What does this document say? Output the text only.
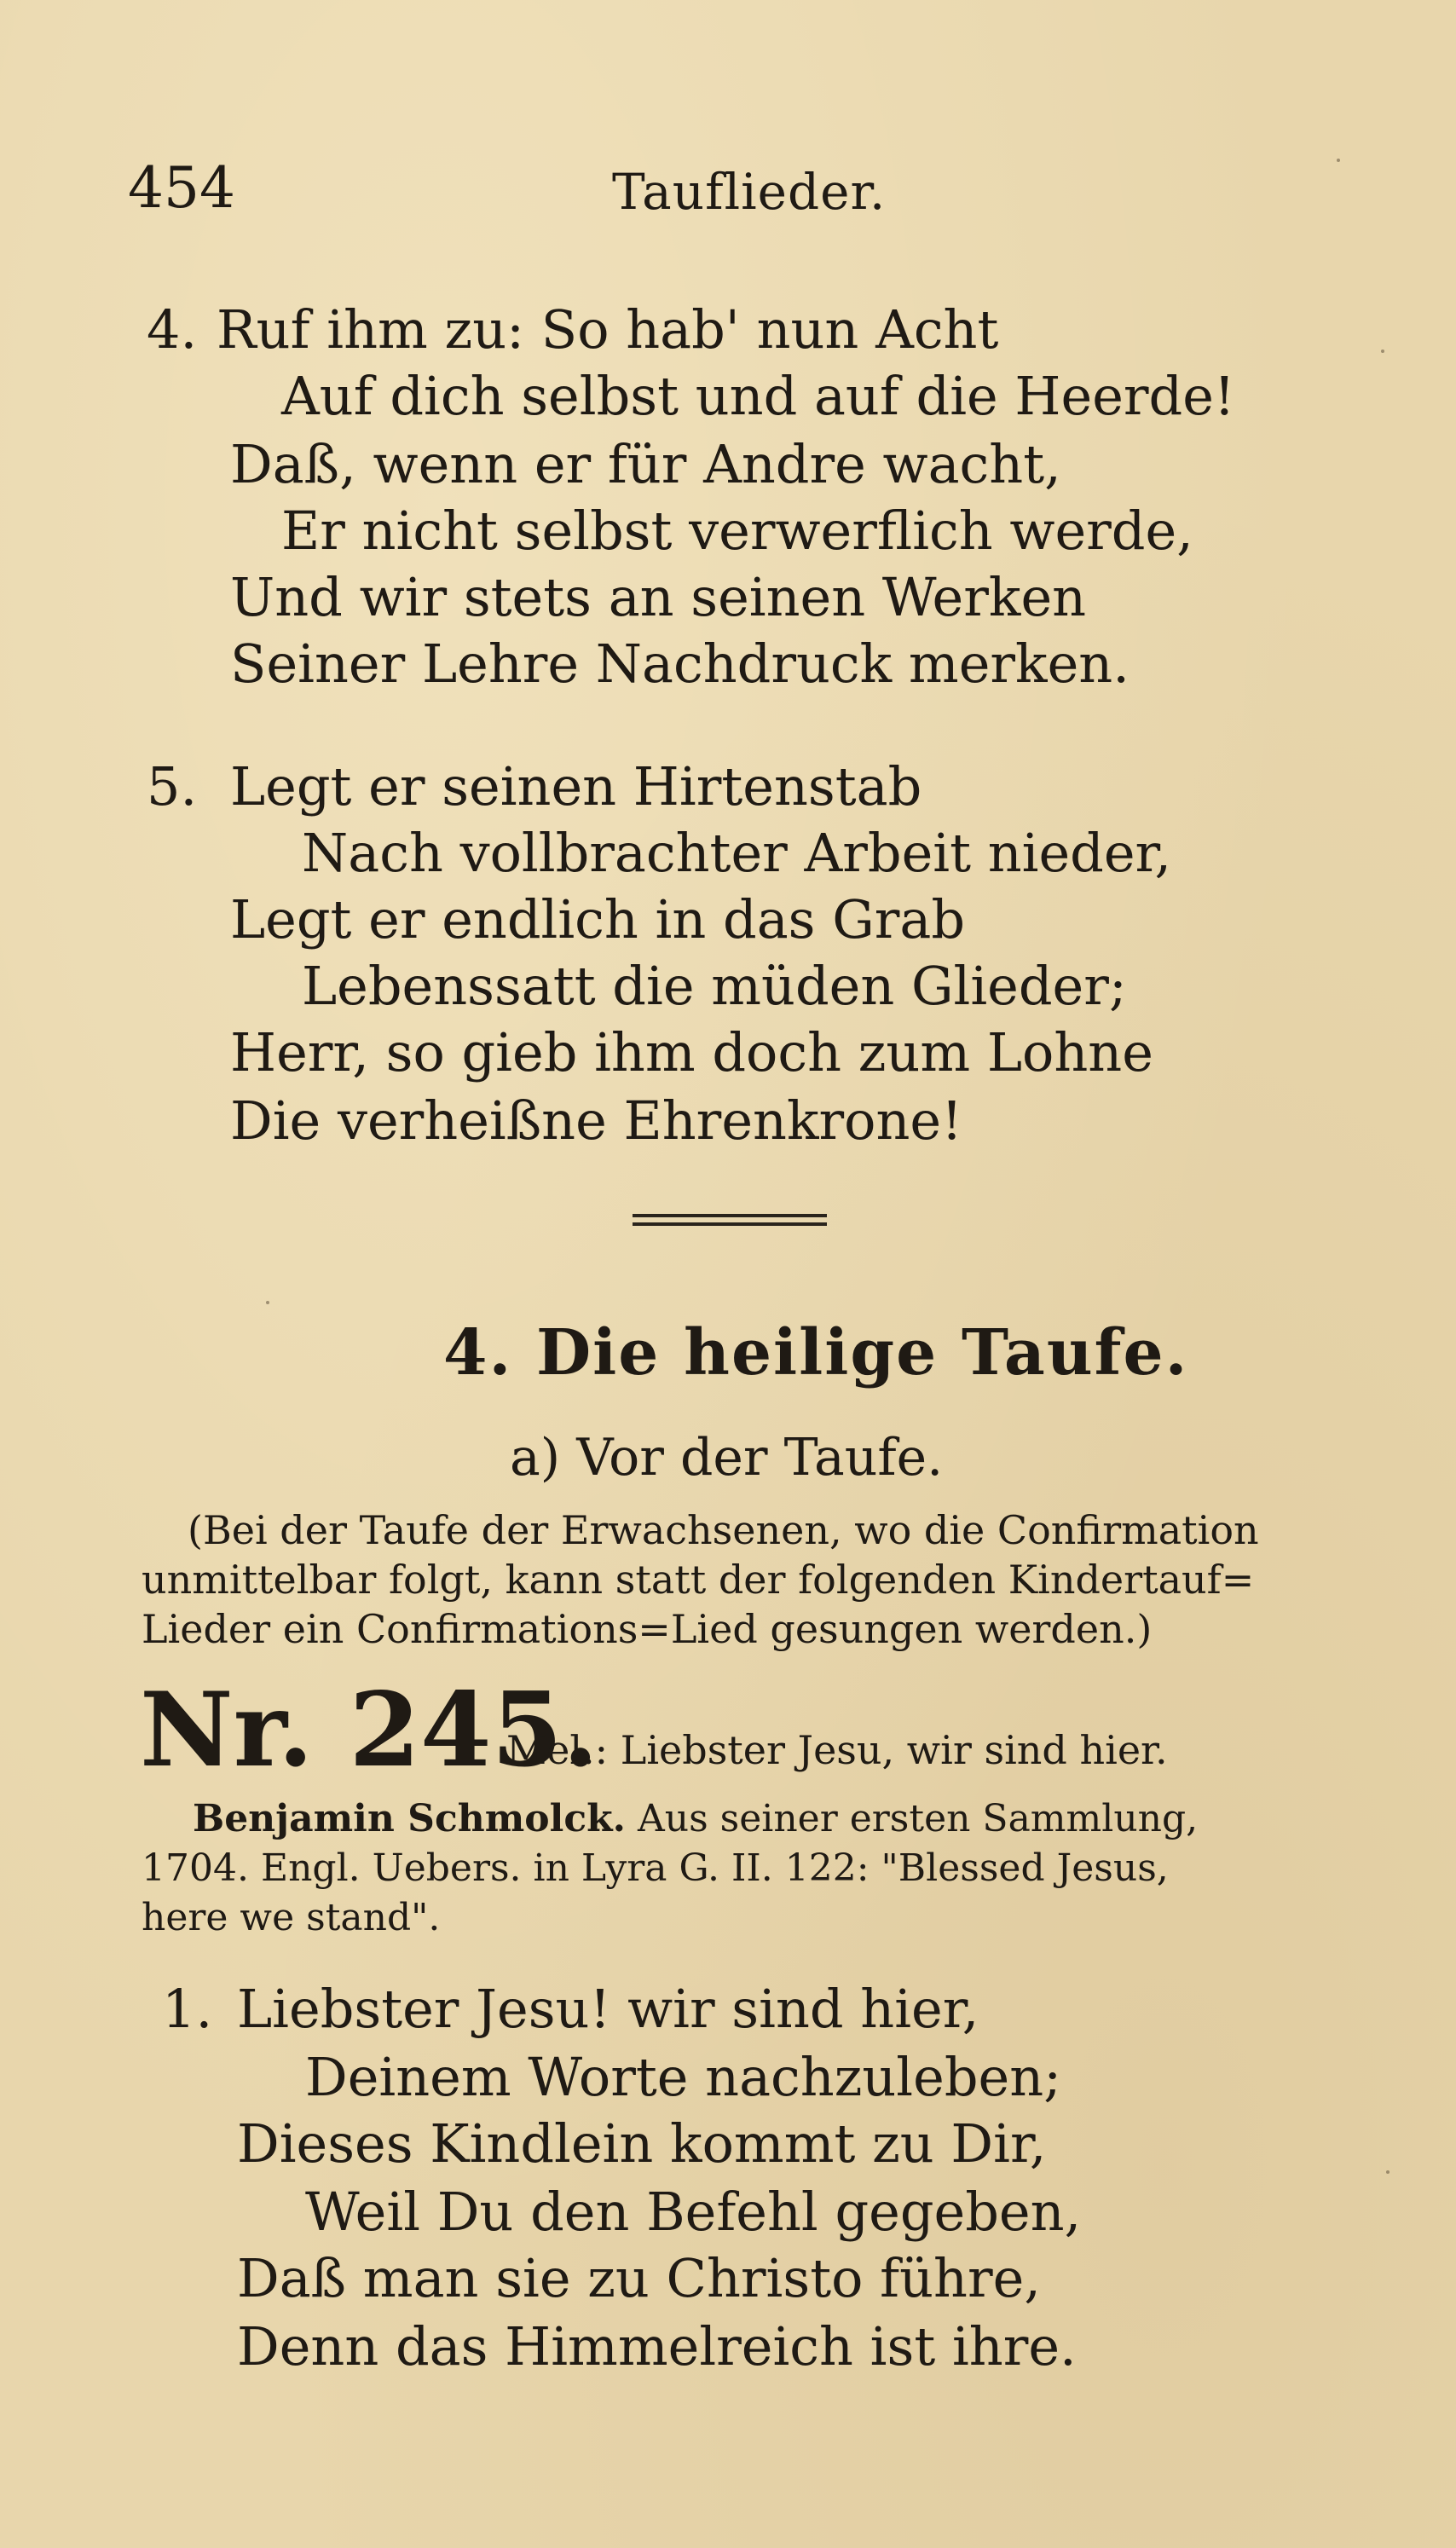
454	Tauflieder.
4. Ruf ihm zu: So hab' nun Acht
Auf dich selbst und auf die Heerde!
Daß, wenn er für Andre wacht,
Er nicht selbst verwerflich werde,
Und wir stets an seinen Werken
Seiner Lehre Nachdruck merken.
5. Legt er seinen Hirtenstab
Nach vollbrachter Arbeit nieder,
Legt er endlich in das Grab
Lebenssatt die müden Glieder;
Herr, so gieb ihm doch zum Lohne
Die verheißne Ehrenkrone!
4. Die heilige Taufe.
a) Vor der Taufe.
(Bei der Taufe der Erwachsenen, wo die Confirmation
unmittelbar folgt, kann statt der folgenden Kindertauf=
Lieder ein Confirmations=Lied gesungen werden.)
Nr. 245.
Mel.: Liebster Jesu, wir sind hier.
Benjamin Schmolck. Aus seiner ersten Sammlung,
1704. Engl. Uebers. in Lyra G. II. 122: "Blessed Jesus,
here we stand".
1. Liebster Jesu! wir sind hier,
Deinem Worte nachzuleben;
Dieses Kindlein kommt zu Dir,
Weil Du den Befehl gegeben,
Daß man sie zu Christo führe,
Denn das Himmelreich ist ihre.
